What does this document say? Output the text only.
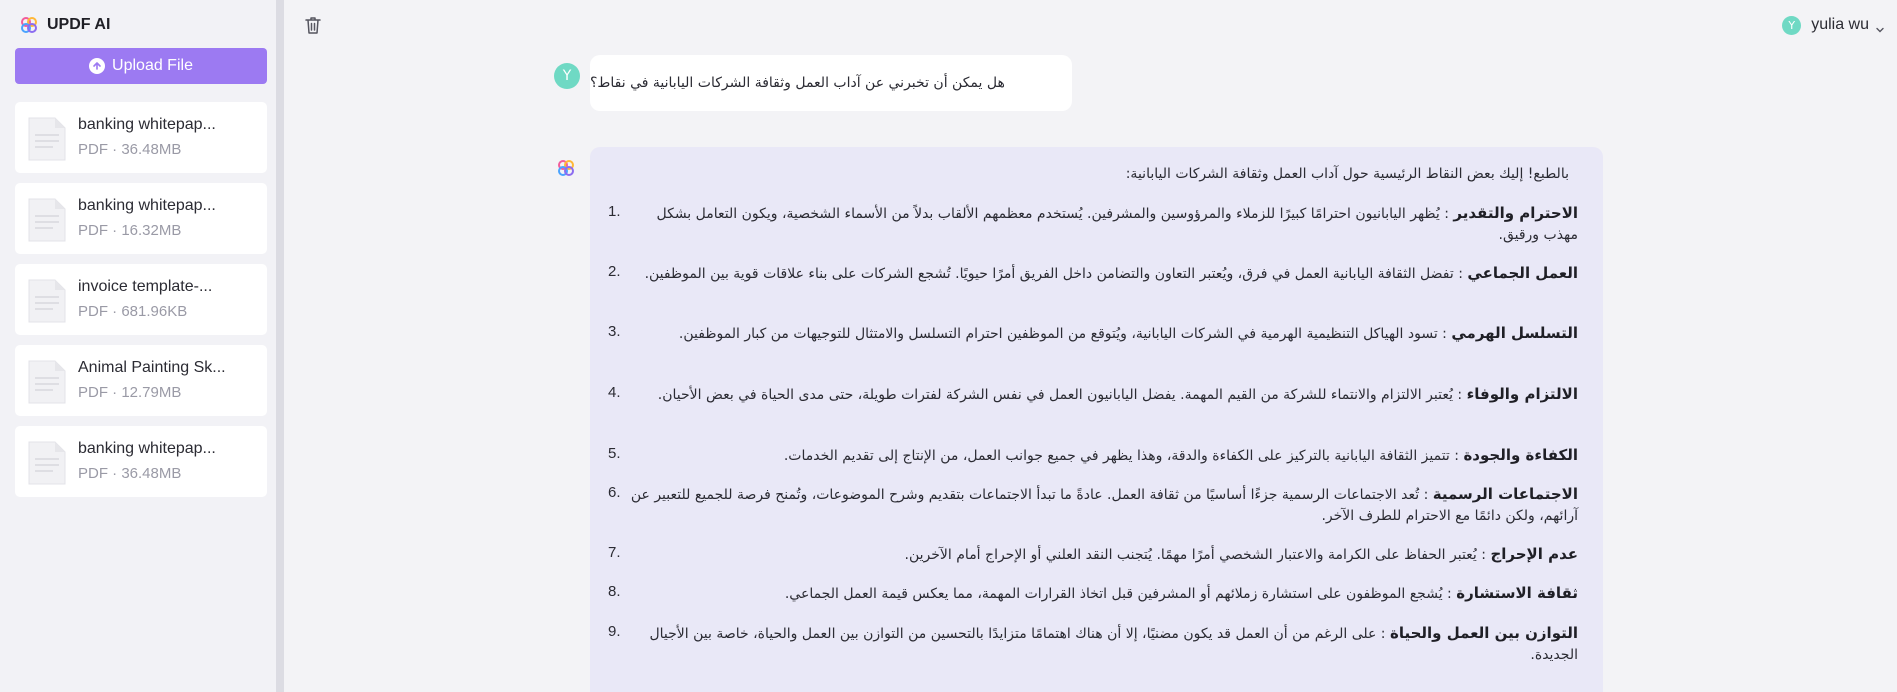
UPDF AI
Upload File
banking whitepap...
PDF · 36.48MB
banking whitepap...
PDF · 16.32MB
invoice template-...
PDF · 681.96KB
Animal Painting Sk...
PDF · 12.79MB
banking whitepap...
PDF · 36.48MB
Y	yulia wu
Y	هل يمكن أن تخبرني عن آداب العمل وثقافة الشركات اليابانية في نقاط؟
بالطبع! إليك بعض النقاط الرئيسية حول آداب العمل وثقافة الشركات اليابانية:
1.	الاحترام والتقدير : يُظهر اليابانيون احترامًا كبيرًا للزملاء والمرؤوسين والمشرفين. يُستخدم معظمهم الألقاب بدلاً من الأسماء الشخصية، ويكون التعامل بشكل مهذب ورقيق.
2.	العمل الجماعي : تفضل الثقافة اليابانية العمل في فرق، ويُعتبر التعاون والتضامن داخل الفريق أمرًا حيويًا. تُشجع الشركات على بناء علاقات قوية بين الموظفين.
3.	التسلسل الهرمي : تسود الهياكل التنظيمية الهرمية في الشركات اليابانية، ويُتوقع من الموظفين احترام التسلسل والامتثال للتوجيهات من كبار الموظفين.
4.	الالتزام والوفاء : يُعتبر الالتزام والانتماء للشركة من القيم المهمة. يفضل اليابانيون العمل في نفس الشركة لفترات طويلة، حتى مدى الحياة في بعض الأحيان.
5.	الكفاءة والجودة : تتميز الثقافة اليابانية بالتركيز على الكفاءة والدقة، وهذا يظهر في جميع جوانب العمل، من الإنتاج إلى تقديم الخدمات.
6.	الاجتماعات الرسمية : تُعد الاجتماعات الرسمية جزءًا أساسيًا من ثقافة العمل. عادةً ما تبدأ الاجتماعات بتقديم وشرح الموضوعات، وتُمنح فرصة للجميع للتعبير عن آرائهم، ولكن دائمًا مع الاحترام للطرف الآخر.
7.	عدم الإحراج : يُعتبر الحفاظ على الكرامة والاعتبار الشخصي أمرًا مهمًا. يُتجنب النقد العلني أو الإحراج أمام الآخرين.
8.	ثقافة الاستشارة : يُشجع الموظفون على استشارة زملائهم أو المشرفين قبل اتخاذ القرارات المهمة، مما يعكس قيمة العمل الجماعي.
9.	التوازن بين العمل والحياة : على الرغم من أن العمل قد يكون مضنيًا، إلا أن هناك اهتمامًا متزايدًا بالتحسين من التوازن بين العمل والحياة، خاصة بين الأجيال الجديدة.
